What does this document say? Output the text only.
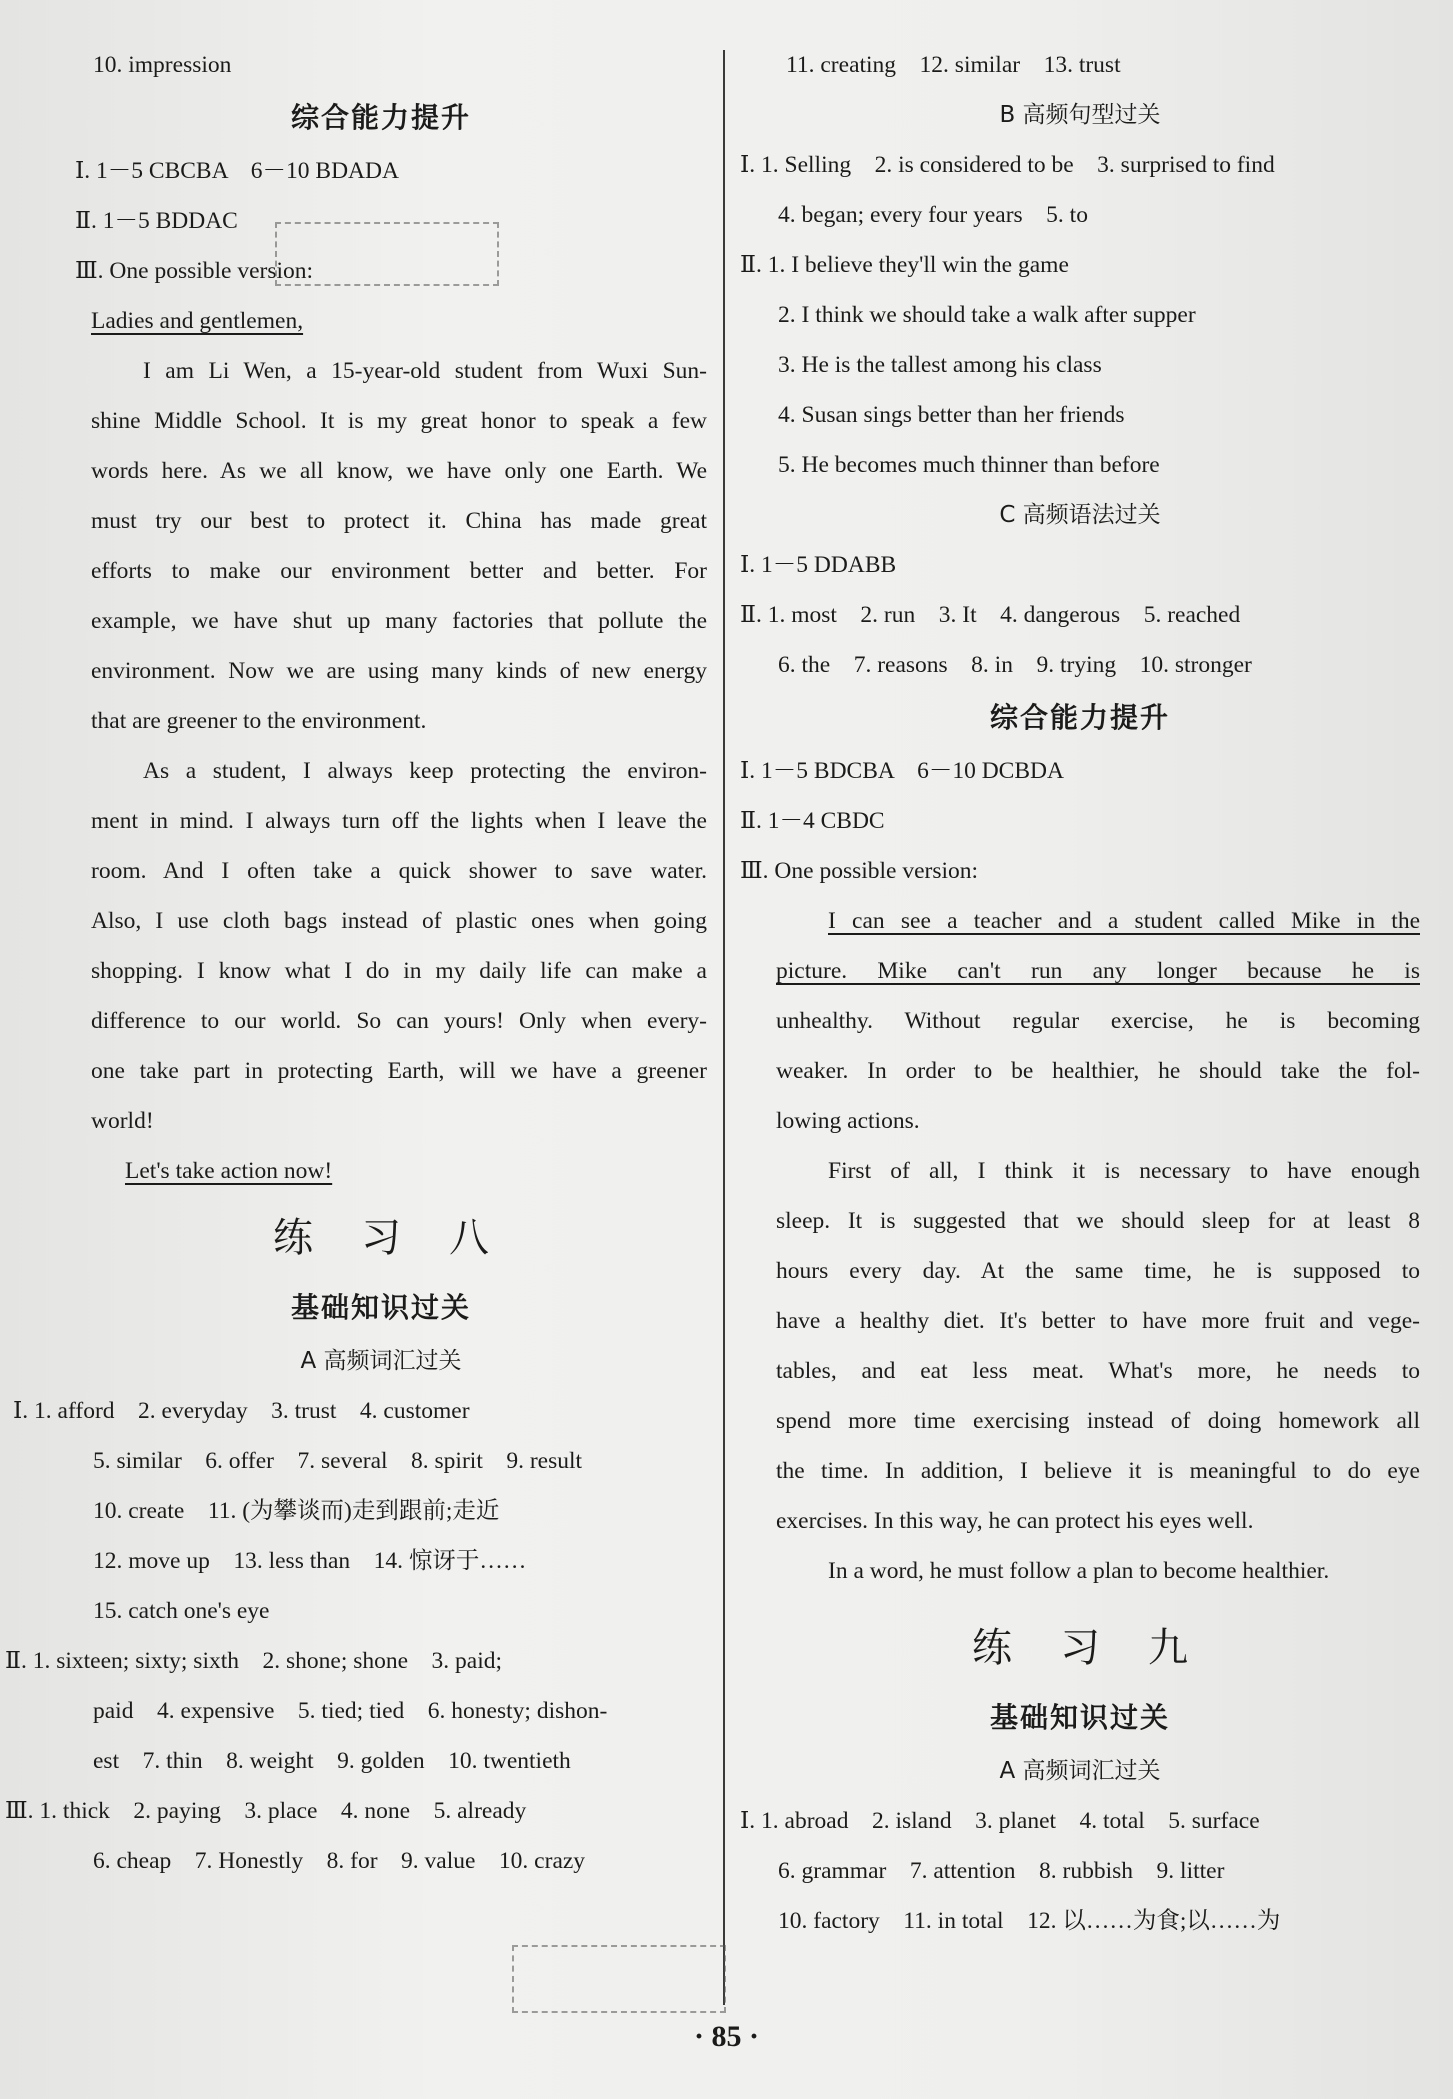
10. impression
综合能力提升
Ⅰ. 1－5 CBCBA　6－10 BDADA
Ⅱ. 1－5 BDDAC
Ⅲ. One possible version:
Ladies and gentlemen,
I am Li Wen, a 15-year-old student from Wuxi Sun-
shine Middle School. It is my great honor to speak a few
words here. As we all know, we have only one Earth. We
must try our best to protect it. China has made great
efforts to make our environment better and better. For
example, we have shut up many factories that pollute the
environment. Now we are using many kinds of new energy
that are greener to the environment.
As a student, I always keep protecting the environ-
ment in mind. I always turn off the lights when I leave the
room. And I often take a quick shower to save water.
Also, I use cloth bags instead of plastic ones when going
shopping. I know what I do in my daily life can make a
difference to our world. So can yours! Only when every-
one take part in protecting Earth, will we have a greener
world!
Let's take action now!
练习八
基础知识过关
A 高频词汇过关
Ⅰ. 1. afford　2. everyday　3. trust　4. customer
5. similar　6. offer　7. several　8. spirit　9. result
10. create　11. (为攀谈而)走到跟前;走近
12. move up　13. less than　14. 惊讶于……
15. catch one's eye
Ⅱ. 1. sixteen; sixty; sixth　2. shone; shone　3. paid;
paid　4. expensive　5. tied; tied　6. honesty; dishon-
est　7. thin　8. weight　9. golden　10. twentieth
Ⅲ. 1. thick　2. paying　3. place　4. none　5. already
6. cheap　7. Honestly　8. for　9. value　10. crazy
11. creating　12. similar　13. trust
B 高频句型过关
Ⅰ. 1. Selling　2. is considered to be　3. surprised to find
4. began; every four years　5. to
Ⅱ. 1. I believe they'll win the game
2. I think we should take a walk after supper
3. He is the tallest among his class
4. Susan sings better than her friends
5. He becomes much thinner than before
C 高频语法过关
Ⅰ. 1－5 DDABB
Ⅱ. 1. most　2. run　3. It　4. dangerous　5. reached
6. the　7. reasons　8. in　9. trying　10. stronger
综合能力提升
Ⅰ. 1－5 BDCBA　6－10 DCBDA
Ⅱ. 1－4 CBDC
Ⅲ. One possible version:
I can see a teacher and a student called Mike in the
picture. Mike can't run any longer because he is
unhealthy. Without regular exercise, he is becoming
weaker. In order to be healthier, he should take the fol-
lowing actions.
First of all, I think it is necessary to have enough
sleep. It is suggested that we should sleep for at least 8
hours every day. At the same time, he is supposed to
have a healthy diet. It's better to have more fruit and vege-
tables, and eat less meat. What's more, he needs to
spend more time exercising instead of doing homework all
the time. In addition, I believe it is meaningful to do eye
exercises. In this way, he can protect his eyes well.
In a word, he must follow a plan to become healthier.
练习九
基础知识过关
A 高频词汇过关
Ⅰ. 1. abroad　2. island　3. planet　4. total　5. surface
6. grammar　7. attention　8. rubbish　9. litter
10. factory　11. in total　12. 以……为食;以……为
· 85 ·
